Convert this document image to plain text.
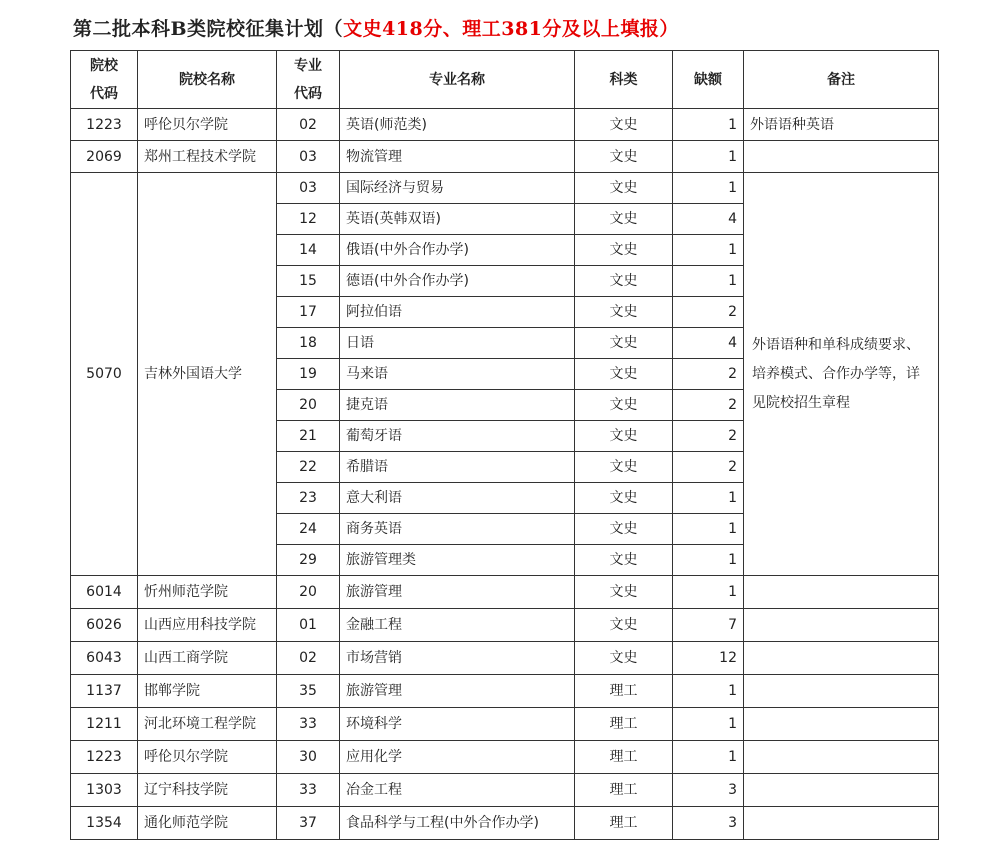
第二批本科B类院校征集计划（文史418分、理工381分及以上填报）
院校代码	院校名称	专业代码	专业名称	科类	缺额	备注
1223	呼伦贝尔学院	02	英语(师范类)	文史	1	外语语种英语
2069	郑州工程技术学院	03	物流管理	文史	1	
5070	吉林外国语大学	03	国际经济与贸易	文史	1	外语语种和单科成绩要求、培养模式、合作办学等，详见院校招生章程
		12	英语(英韩双语)	文史	4	
		14	俄语(中外合作办学)	文史	1	
		15	德语(中外合作办学)	文史	1	
		17	阿拉伯语	文史	2	
		18	日语	文史	4	
		19	马来语	文史	2	
		20	捷克语	文史	2	
		21	葡萄牙语	文史	2	
		22	希腊语	文史	2	
		23	意大利语	文史	1	
		24	商务英语	文史	1	
		29	旅游管理类	文史	1	
6014	忻州师范学院	20	旅游管理	文史	1	
6026	山西应用科技学院	01	金融工程	文史	7	
6043	山西工商学院	02	市场营销	文史	12	
1137	邯郸学院	35	旅游管理	理工	1	
1211	河北环境工程学院	33	环境科学	理工	1	
1223	呼伦贝尔学院	30	应用化学	理工	1	
1303	辽宁科技学院	33	冶金工程	理工	3	
1354	通化师范学院	37	食品科学与工程(中外合作办学)	理工	3	
